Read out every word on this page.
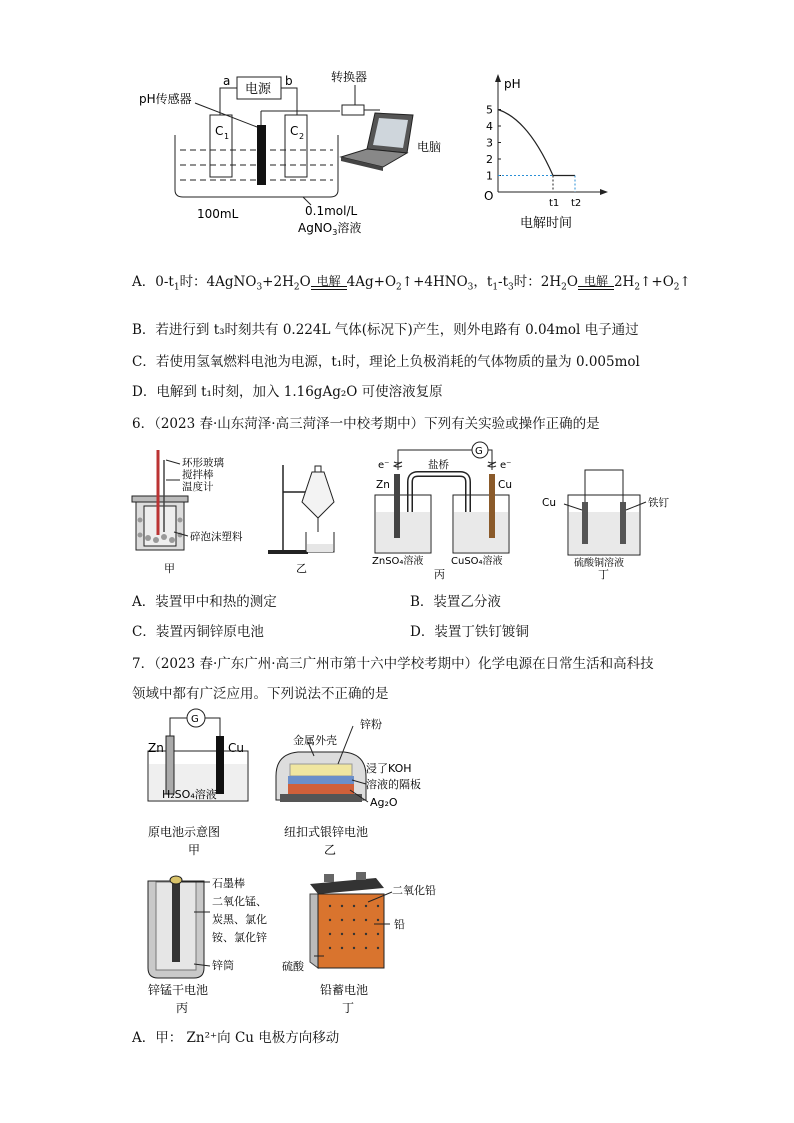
电源
a	b
C 1	C 2
pH传感器
转换器
电脑
100mL	0.1mol/L
AgNO$_3$溶液
pH
O
1
2
3
4
5
t1 t2
电解时间
A．$0-t_1$时：$4AgNO_3+2H_2O$ 电解 $4Ag+O_2↑+4HNO_3$，$t_1-t_3$时：$2H_2O$ 电解 $2H_2↑+O_2↑$
B．若进行到 t₃时刻共有 0.224L 气体(标况下)产生，则外电路有 0.04mol 电子通过
C．若使用氢氧燃料电池为电源，t₁时，理论上负极消耗的气体物质的量为 0.005mol
D．电解到 t₁时刻，加入 1.16gAg₂O 可使溶液复原
6．（2023 春·山东菏泽·高三菏泽一中校考期中）下列有关实验或操作正确的是
环形玻璃
搅拌棒
温度计
碎泡沫塑料
甲	乙
G
e⁻	e⁻
盐桥
Zn	Cu
ZnSO₄溶液	CuSO₄溶液
丙
Cu	铁钉
硫酸铜溶液
丁
A．装置甲中和热的测定	B．装置乙分液
C．装置丙铜锌原电池	D．装置丁铁钉镀铜
7．（2023 春·广东广州·高三广州市第十六中学校考期中）化学电源在日常生活和高科技
领域中都有广泛应用。下列说法不正确的是
G
Zn	Cu
H₂SO₄溶液
原电池示意图
甲
金属外壳
锌粉
浸了KOH
溶液的隔板
Ag₂O
纽扣式银锌电池
乙
石墨棒
二氧化锰、
炭黑、氯化
铵、氯化锌
锌筒
锌锰干电池
丙
二氧化铅
铅
硫酸
铅蓄电池
丁
A．甲： Zn²⁺向 Cu 电极方向移动
